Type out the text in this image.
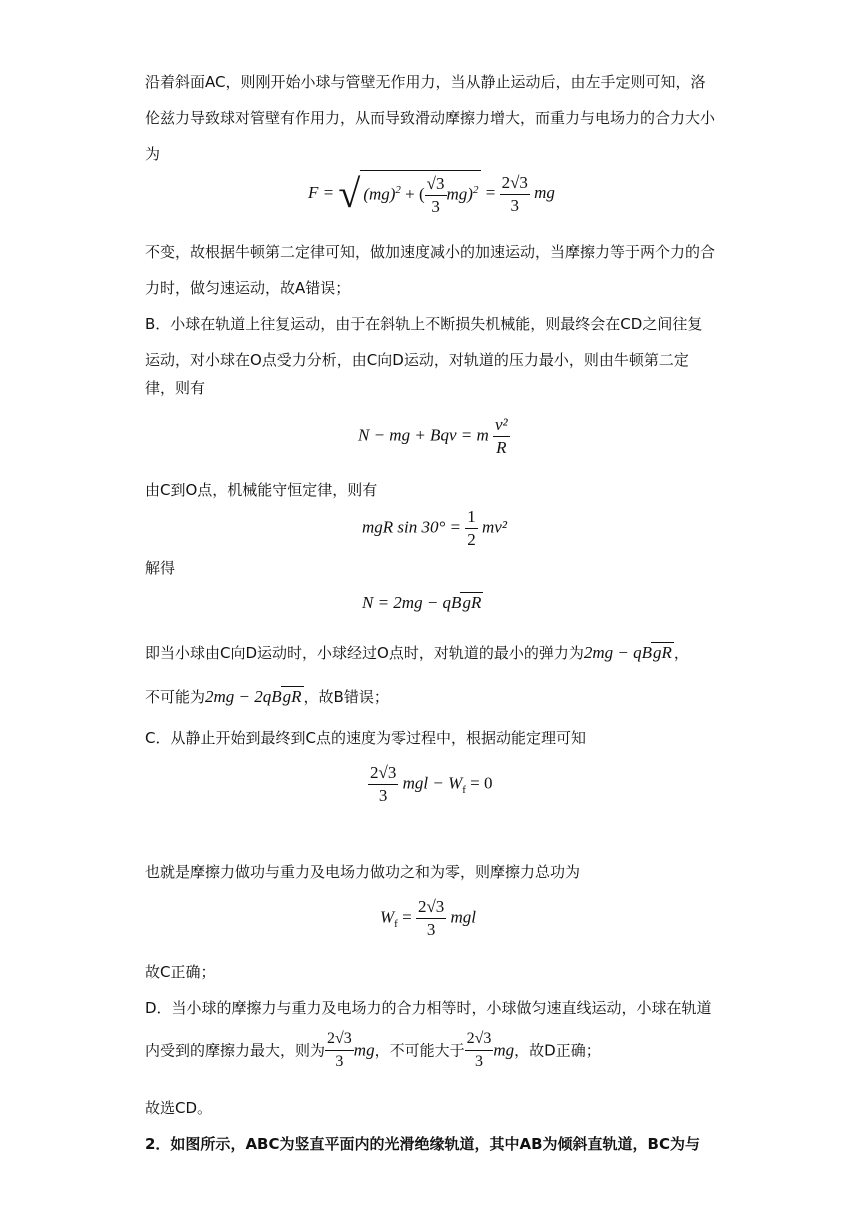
沿着斜面AC，则刚开始小球与管壁无作用力，当从静止运动后，由左手定则可知，洛
伦兹力导致球对管壁有作用力，从而导致滑动摩擦力增大，而重力与电场力的合力大小
为
F = √ (mg)$^2$ + ( $\frac{√3}{3} mg)^2 = \frac{2√3}{3}$ mg
不变，故根据牛顿第二定律可知，做加速度减小的加速运动，当摩擦力等于两个力的合
力时，做匀速运动，故A错误；
B．小球在轨道上往复运动，由于在斜轨上不断损失机械能，则最终会在CD之间往复
运动，对小球在O点受力分析，由C向D运动，对轨道的压力最小，则由牛顿第二定
律，则有
N − mg + Bqv = m $\frac{\text{v²}}{R}$
由C到O点，机械能守恒定律，则有
mgR $\sin 30^\circ = \frac{1}{2} mv^2$
解得
N = 2mg − qBgR
即当小球由C向D运动时，小球经过O点时，对轨道的最小的弹力为2mg − qBgR ，
不可能为2mg − 2qBgR ，故B错误；
C．从静止开始到最终到C点的速度为零过程中，根据动能定理可知
$\frac{2√3}{3}$ mgl − $W_f = 0$
也就是摩擦力做功与重力及电场力做功之和为零，则摩擦力总功为
$W_f = \frac{2√3}{3}$ mgl
故C正确；
D．当小球的摩擦力与重力及电场力的合力相等时，小球做匀速直线运动，小球在轨道
内受到的摩擦力最大，则为 $\frac{2√3}{3}$ mg，不可能大于 $\frac{2√3}{3}$ mg，故D正确；
故选CD。
2．如图所示，ABC为竖直平面内的光滑绝缘轨道，其中AB为倾斜直轨道，BC为与
